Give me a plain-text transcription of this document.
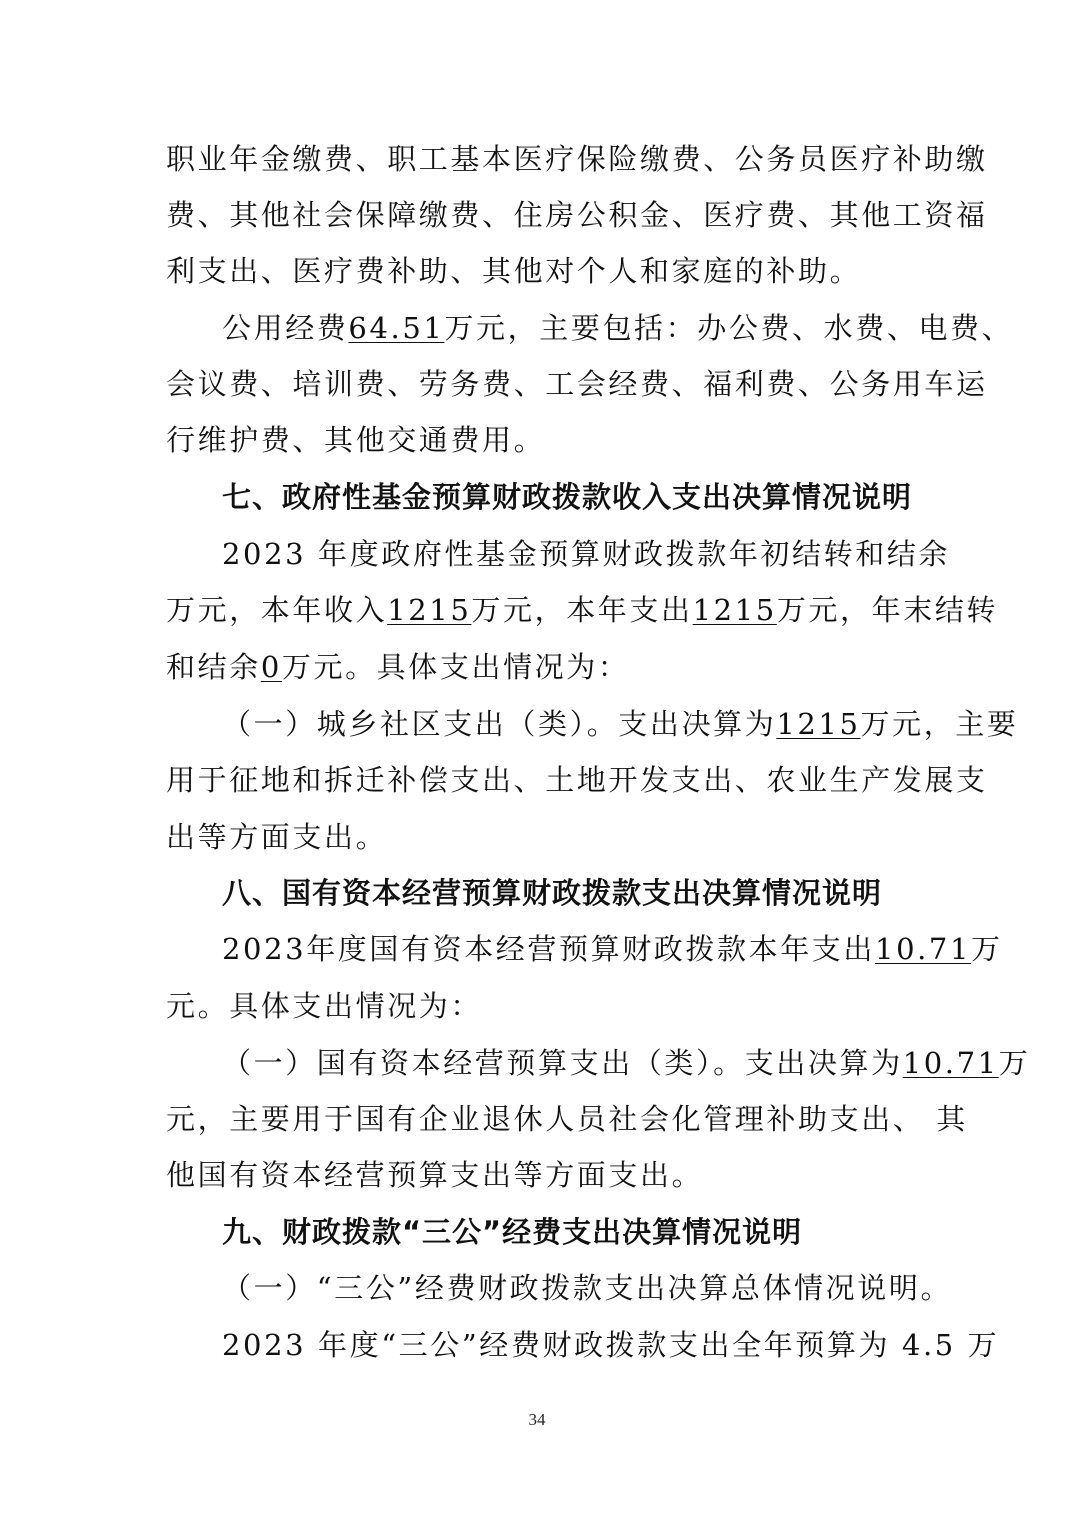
职业年金缴费、职工基本医疗保险缴费、公务员医疗补助缴
费、其他社会保障缴费、住房公积金、医疗费、其他工资福
利支出、医疗费补助、其他对个人和家庭的补助。
公用经费64.51万元，主要包括：办公费、水费、电费、
会议费、培训费、劳务费、工会经费、福利费、公务用车运
行维护费、其他交通费用。
七、政府性基金预算财政拨款收入支出决算情况说明
2023 年度政府性基金预算财政拨款年初结转和结余
万元，本年收入1215万元，本年支出1215万元，年末结转
和结余0万元。具体支出情况为：
（一）城乡社区支出（类）。支出决算为1215万元，主要
用于征地和拆迁补偿支出、土地开发支出、农业生产发展支
出等方面支出。
八、国有资本经营预算财政拨款支出决算情况说明
2023年度国有资本经营预算财政拨款本年支出10.71万
元。具体支出情况为：
（一）国有资本经营预算支出（类）。支出决算为10.71万
元，主要用于国有企业退休人员社会化管理补助支出、 其
他国有资本经营预算支出等方面支出。
九、财政拨款“三公”经费支出决算情况说明
（一）“三公”经费财政拨款支出决算总体情况说明。
2023 年度“三公”经费财政拨款支出全年预算为 4.5 万
34
